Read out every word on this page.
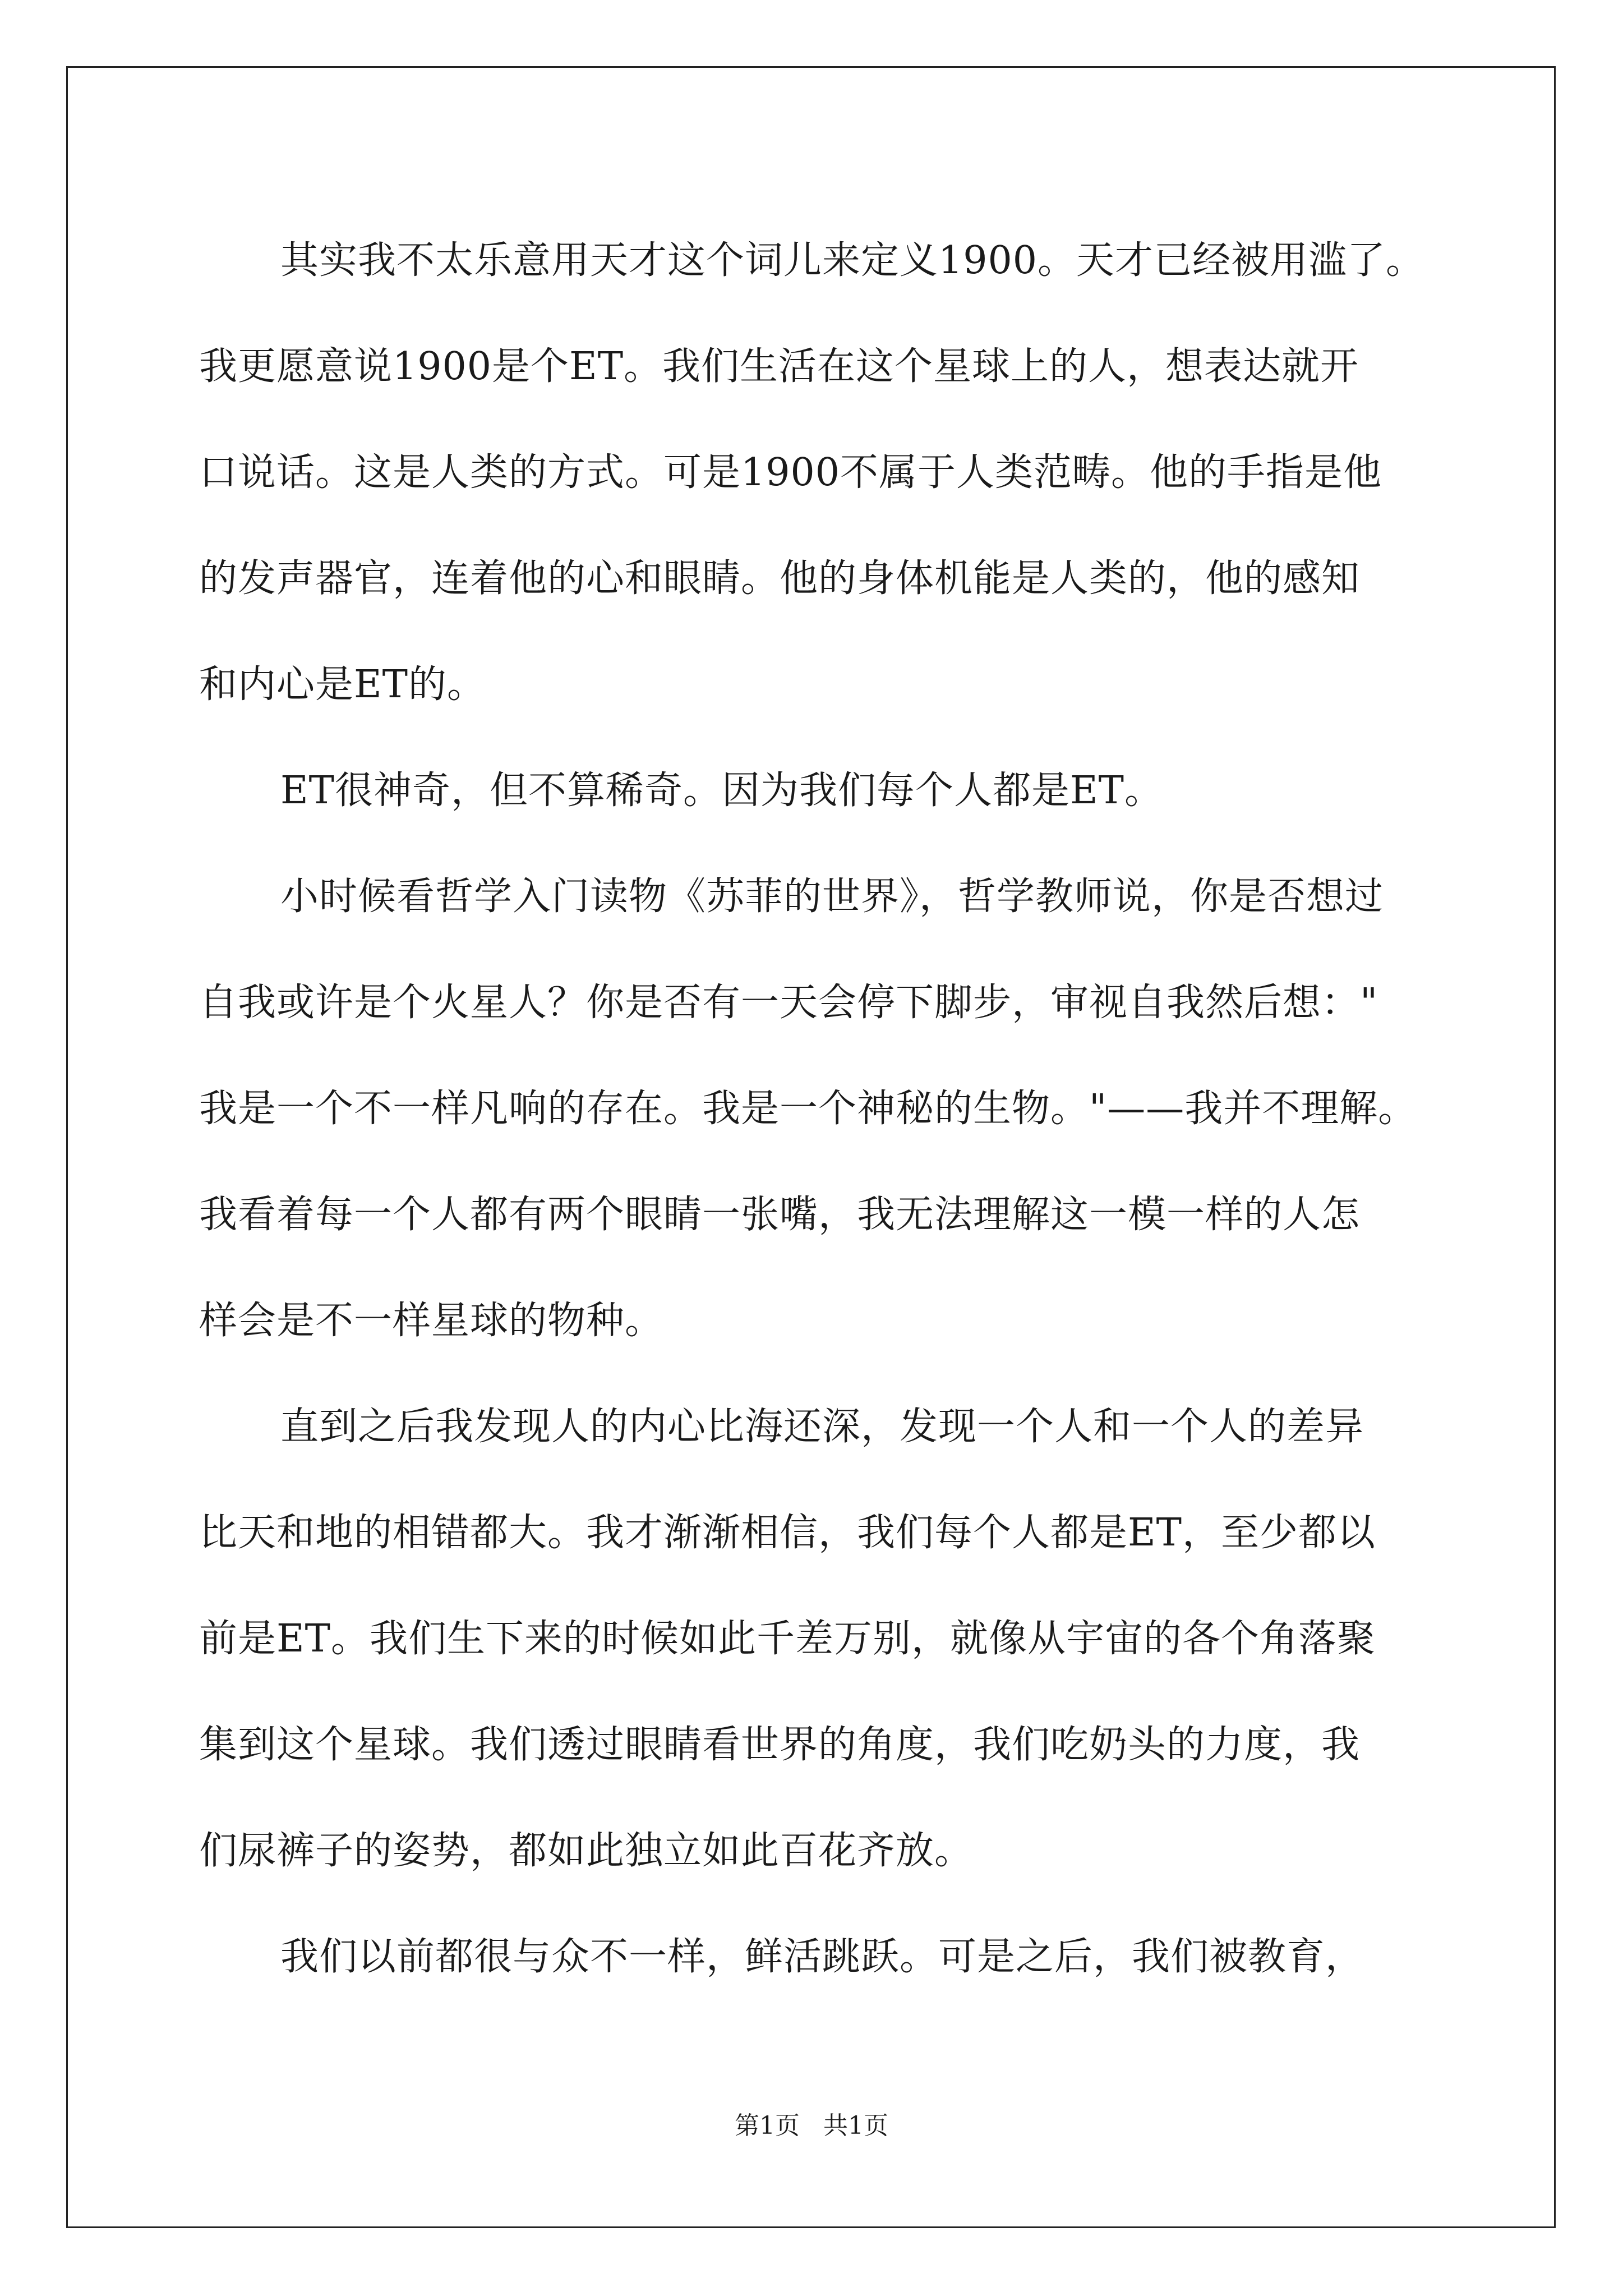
其实我不太乐意用天才这个词儿来定义1900。天才已经被用滥了。
我更愿意说1900是个ET。我们生活在这个星球上的人，想表达就开
口说话。这是人类的方式。可是1900不属于人类范畴。他的手指是他
的发声器官，连着他的心和眼睛。他的身体机能是人类的，他的感知
和内心是ET的。
ET很神奇，但不算稀奇。因为我们每个人都是ET。
小时候看哲学入门读物《苏菲的世界》，哲学教师说，你是否想过
自我或许是个火星人？你是否有一天会停下脚步，审视自我然后想："
我是一个不一样凡响的存在。我是一个神秘的生物。"——我并不理解。
我看着每一个人都有两个眼睛一张嘴，我无法理解这一模一样的人怎
样会是不一样星球的物种。
直到之后我发现人的内心比海还深，发现一个人和一个人的差异
比天和地的相错都大。我才渐渐相信，我们每个人都是ET，至少都以
前是ET。我们生下来的时候如此千差万别，就像从宇宙的各个角落聚
集到这个星球。我们透过眼睛看世界的角度，我们吃奶头的力度，我
们尿裤子的姿势，都如此独立如此百花齐放。
我们以前都很与众不一样，鲜活跳跃。可是之后，我们被教育，
第1页   共1页
